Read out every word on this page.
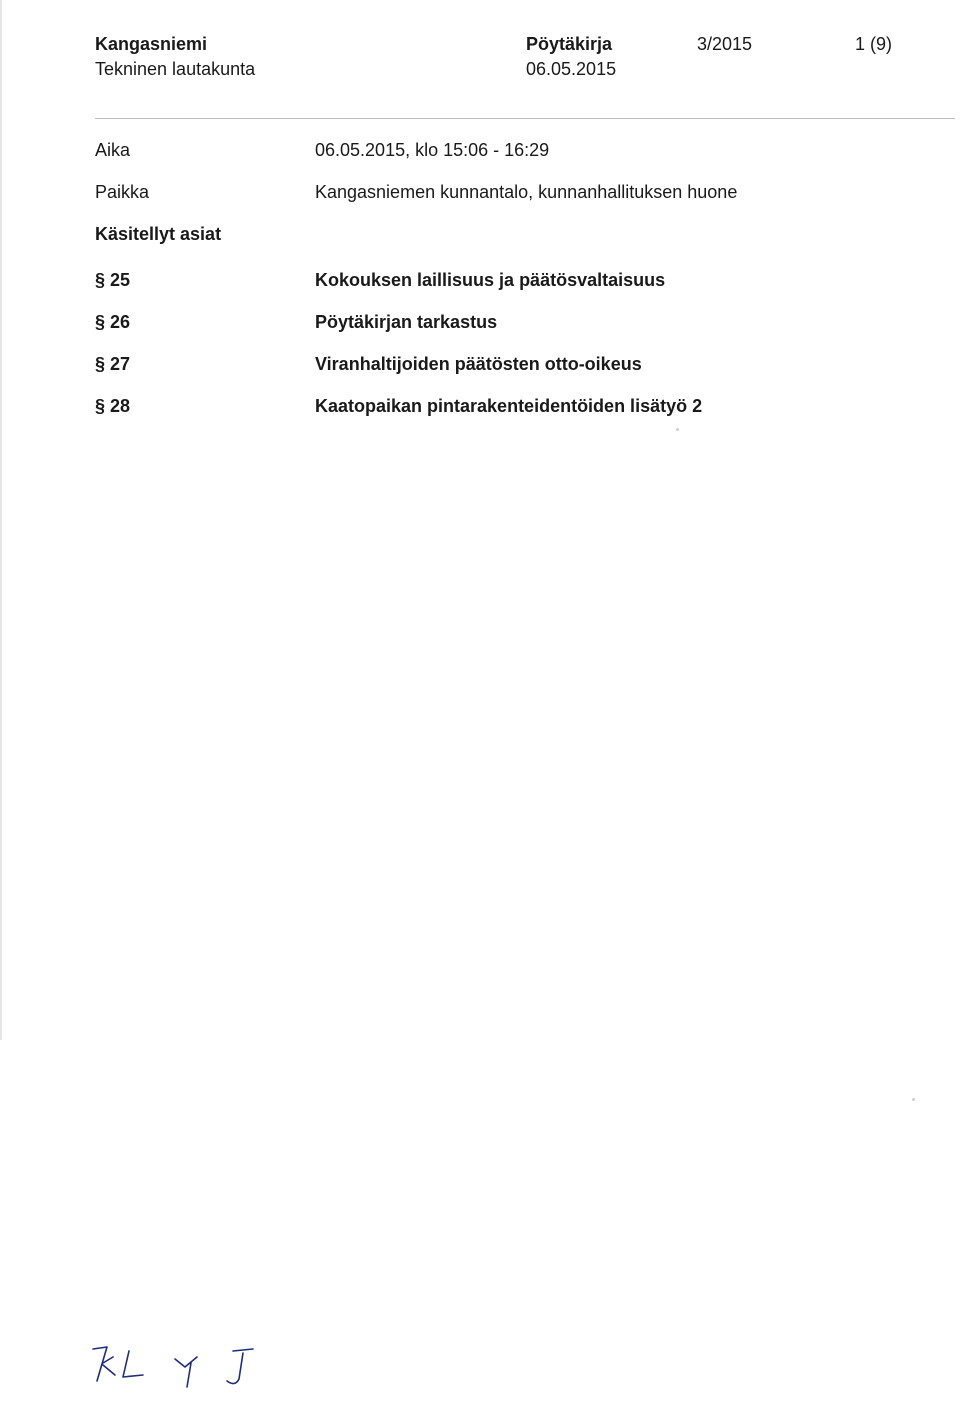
Kangasniemi
Tekninen lautakunta
Pöytäkirja
06.05.2015
3/2015	1 (9)
Aika	06.05.2015, klo 15:06 - 16:29
Paikka	Kangasniemen kunnantalo, kunnanhallituksen huone
Käsitellyt asiat
§ 25	Kokouksen laillisuus ja päätösvaltaisuus
§ 26	Pöytäkirjan tarkastus
§ 27	Viranhaltijoiden päätösten otto-oikeus
§ 28	Kaatopaikan pintarakenteidentöiden lisätyö 2
